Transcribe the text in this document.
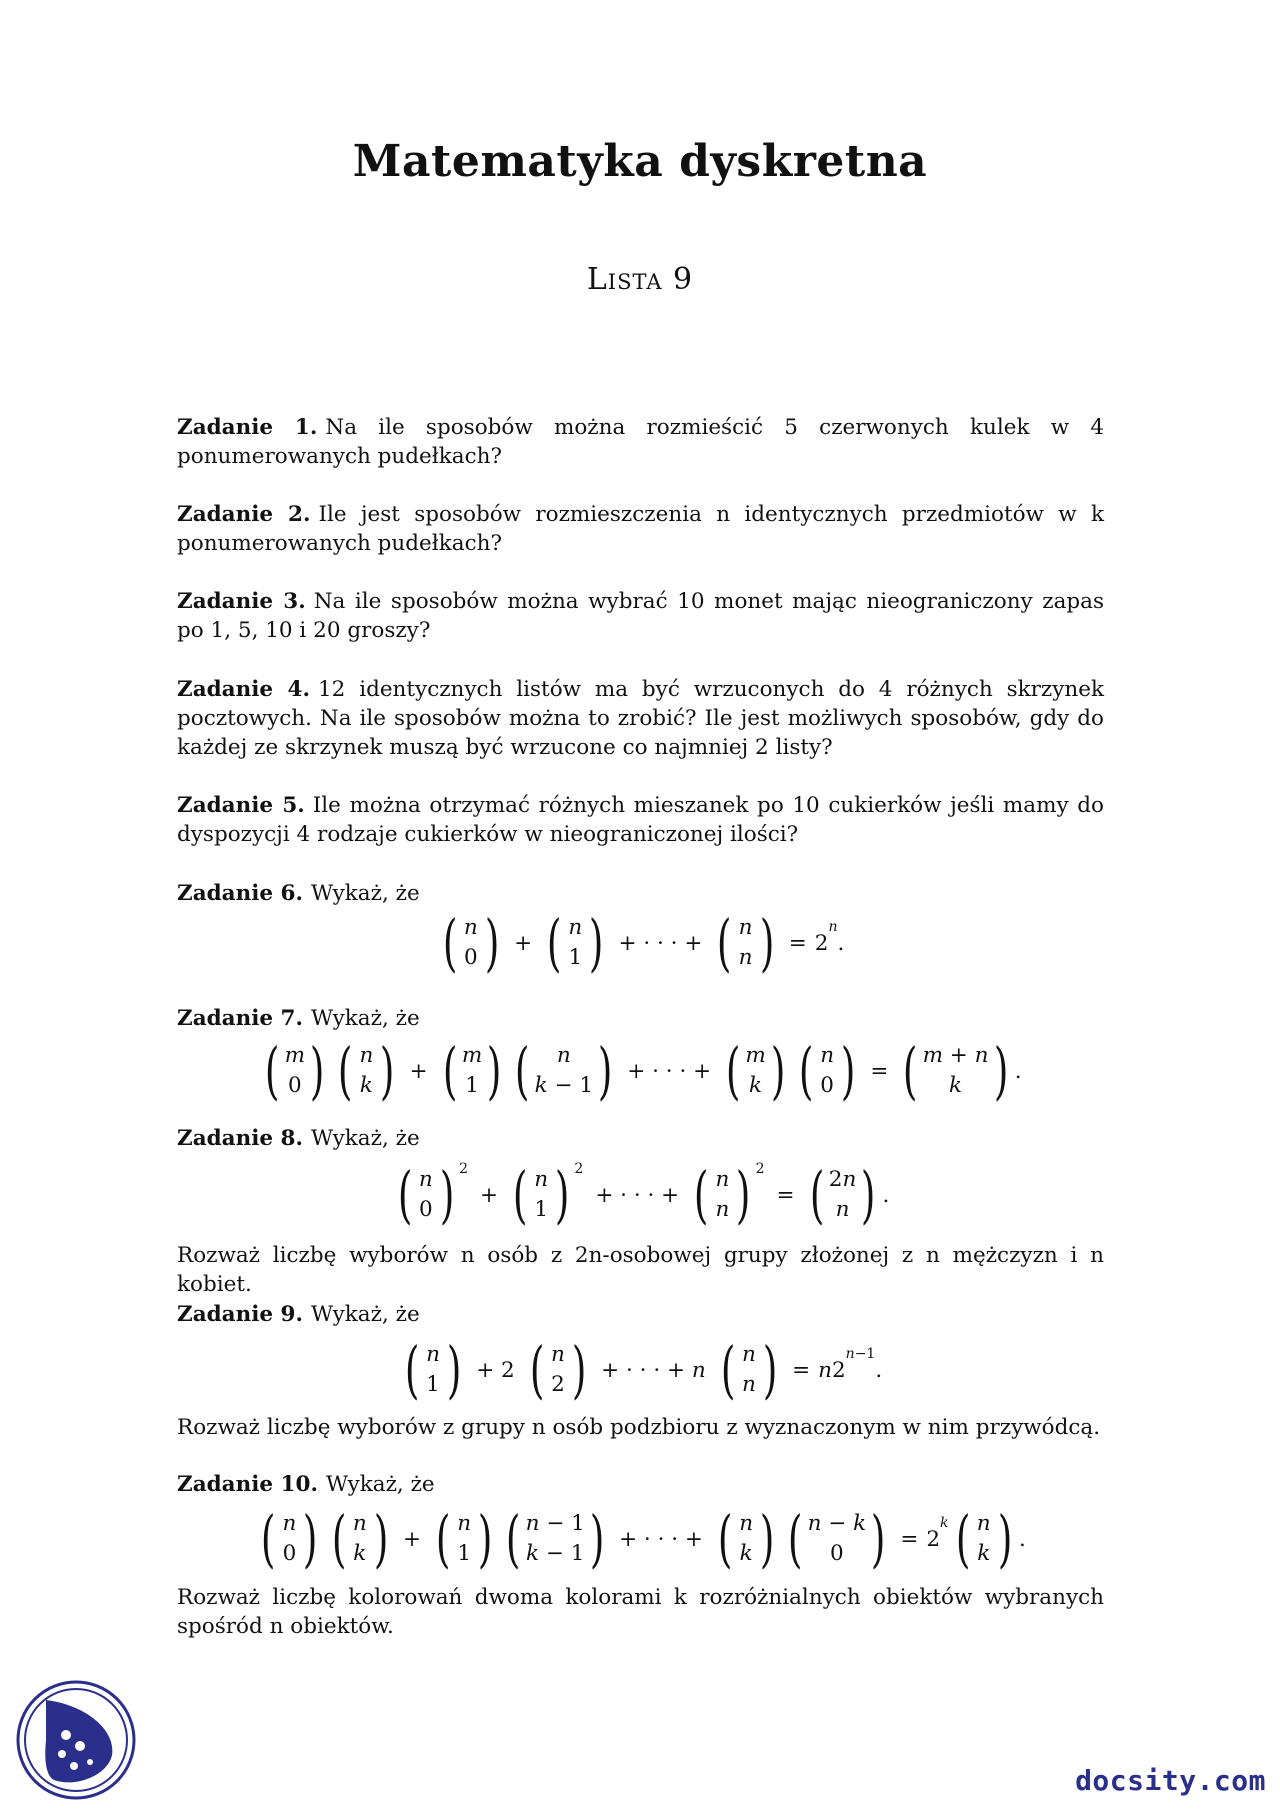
Matematyka dyskretna
Lista 9
Zadanie 1. Na ile sposobów można rozmieścić 5 czerwonych kulek w 4 ponumerowanych pudełkach?
Zadanie 2. Ile jest sposobów rozmieszczenia n identycznych przedmiotów w k ponumerowanych pudełkach?
Zadanie 3. Na ile sposobów można wybrać 10 monet mając nieograniczony zapas po 1, 5, 10 i 20 groszy?
Zadanie 4. 12 identycznych listów ma być wrzuconych do 4 różnych skrzynek pocztowych. Na ile sposobów można to zrobić? Ile jest możliwych sposobów, gdy do każdej ze skrzynek muszą być wrzucone co najmniej 2 listy?
Zadanie 5. Ile można otrzymać różnych mieszanek po 10 cukierków jeśli mamy do dyspozycji 4 rodzaje cukierków w nieograniczonej ilości?
Zadanie 6. Wykaż, że
( n
0 ) + ( n
1 ) + · · · + ( n
n ) = $2^n$.
Zadanie 7. Wykaż, że
( m
0 ) ( n
k ) + ( m
1 ) ( n
k − 1 ) + · · · + ( m
k ) ( n
0 ) = ( m + n
k ) .
Zadanie 8. Wykaż, że
( n
0 ) 2
+ ( n
1 ) 2
+ · · · + ( n
n ) 2
= ( 2n
n ) .
Rozważ liczbę wyborów n osób z 2n-osobowej grupy złożonej z n mężczyzn i n kobiet.
Zadanie 9. Wykaż, że
( n
1 ) + 2 ( n
2 ) + · · · + n ( n
n ) = $n2^{n-1}$.
Rozważ liczbę wyborów z grupy n osób podzbioru z wyznaczonym w nim przywódcą.
Zadanie 10. Wykaż, że
( n
0 ) ( n
k ) + ( n
1 ) ( n − 1
k − 1 ) + · · · + ( n
k ) ( n − k
0 ) = $2^k$ ( n
k ) .
Rozważ liczbę kolorowań dwoma kolorami k rozróżnialnych obiektów wybranych spośród n obiektów.
docsity.com
